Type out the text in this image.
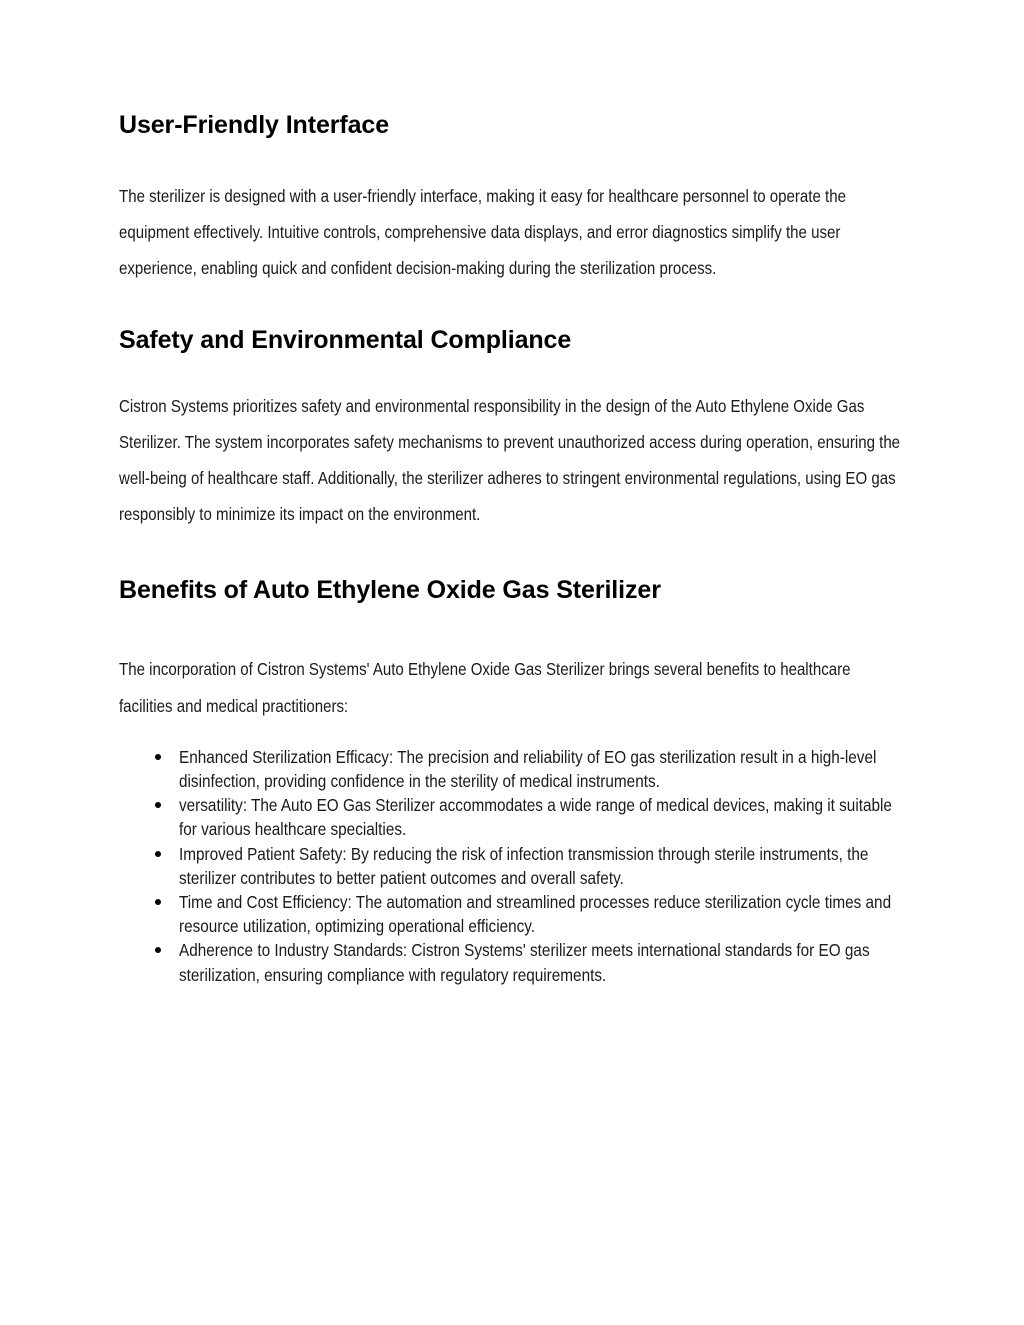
User-Friendly Interface

The sterilizer is designed with a user-friendly interface, making it easy for healthcare personnel to operate the equipment effectively. Intuitive controls, comprehensive data displays, and error diagnostics simplify the user experience, enabling quick and confident decision-making during the sterilization process.

Safety and Environmental Compliance

Cistron Systems prioritizes safety and environmental responsibility in the design of the Auto Ethylene Oxide Gas Sterilizer. The system incorporates safety mechanisms to prevent unauthorized access during operation, ensuring the well-being of healthcare staff. Additionally, the sterilizer adheres to stringent environmental regulations, using EO gas responsibly to minimize its impact on the environment.

Benefits of Auto Ethylene Oxide Gas Sterilizer

The incorporation of Cistron Systems' Auto Ethylene Oxide Gas Sterilizer brings several benefits to healthcare facilities and medical practitioners:

Enhanced Sterilization Efficacy: The precision and reliability of EO gas sterilization result in a high-level disinfection, providing confidence in the sterility of medical instruments.
versatility: The Auto EO Gas Sterilizer accommodates a wide range of medical devices, making it suitable for various healthcare specialties.
Improved Patient Safety: By reducing the risk of infection transmission through sterile instruments, the sterilizer contributes to better patient outcomes and overall safety.
Time and Cost Efficiency: The automation and streamlined processes reduce sterilization cycle times and resource utilization, optimizing operational efficiency.
Adherence to Industry Standards: Cistron Systems' sterilizer meets international standards for EO gas sterilization, ensuring compliance with regulatory requirements.
